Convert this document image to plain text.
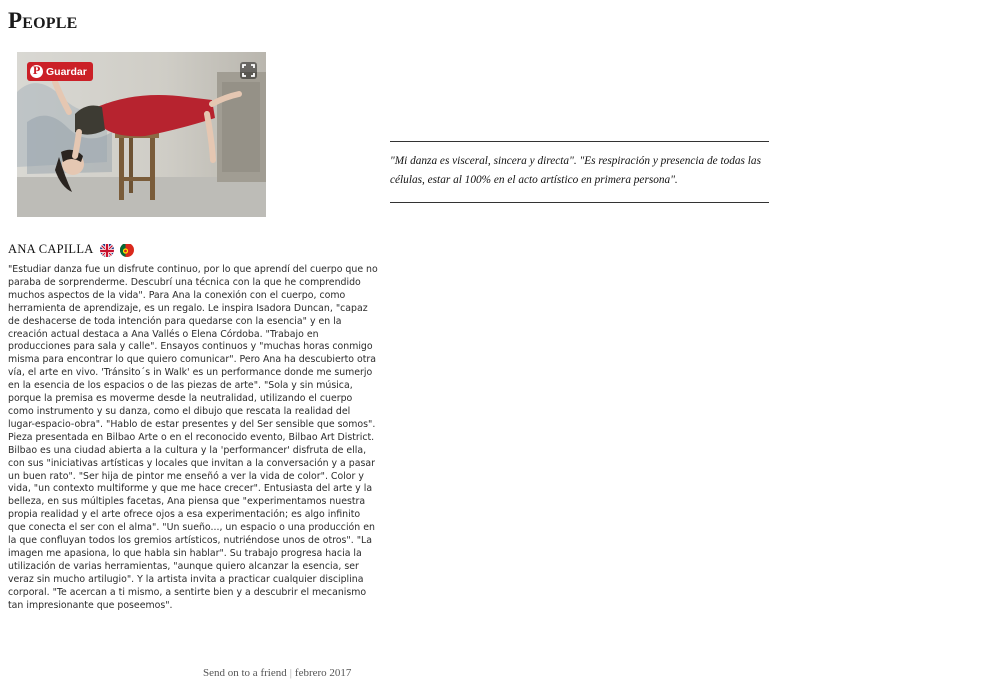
People
P Guardar
ANA CAPILLA

"Estudiar danza fue un disfrute continuo, por lo que aprendí del cuerpo que no paraba de sorprenderme. Descubrí una técnica con la que he comprendido muchos aspectos de la vida". Para Ana la conexión con el cuerpo, como herramienta de aprendizaje, es un regalo. Le inspira Isadora Duncan, "capaz de deshacerse de toda intención para quedarse con la esencia" y en la creación actual destaca a Ana Vallés o Elena Córdoba. "Trabajo en producciones para sala y calle". Ensayos continuos y "muchas horas conmigo misma para encontrar lo que quiero comunicar". Pero Ana ha descubierto otra vía, el arte en vivo. 'Tránsito´s in Walk' es un performance donde me sumerjo en la esencia de los espacios o de las piezas de arte". "Sola y sin música, porque la premisa es moverme desde la neutralidad, utilizando el cuerpo como instrumento y su danza, como el dibujo que rescata la realidad del lugar-espacio-obra". "Hablo de estar presentes y del Ser sensible que somos". Pieza presentada en Bilbao Arte o en el reconocido evento, Bilbao Art District. Bilbao es una ciudad abierta a la cultura y la 'performancer' disfruta de ella, con sus "iniciativas artísticas y locales que invitan a la conversación y a pasar un buen rato". "Ser hija de pintor me enseñó a ver la vida de color". Color y vida, "un contexto multiforme y que me hace crecer". Entusiasta del arte y la belleza, en sus múltiples facetas, Ana piensa que "experimentamos nuestra propia realidad y el arte ofrece ojos a esa experimentación; es algo infinito que conecta el ser con el alma". "Un sueño..., un espacio o una producción en la que confluyan todos los gremios artísticos, nutriéndose unos de otros". "La imagen me apasiona, lo que habla sin hablar". Su trabajo progresa hacia la utilización de varias herramientas, "aunque quiero alcanzar la esencia, ser veraz sin mucho artilugio". Y la artista invita a practicar cualquier disciplina corporal. "Te acercan a ti mismo, a sentirte bien y a descubrir el mecanismo tan impresionante que poseemos".

Send on to a friend | febrero 2017

"Mi danza es visceral, sincera y directa". "Es respiración y presencia de todas las células, estar al 100% en el acto artístico en primera persona".
